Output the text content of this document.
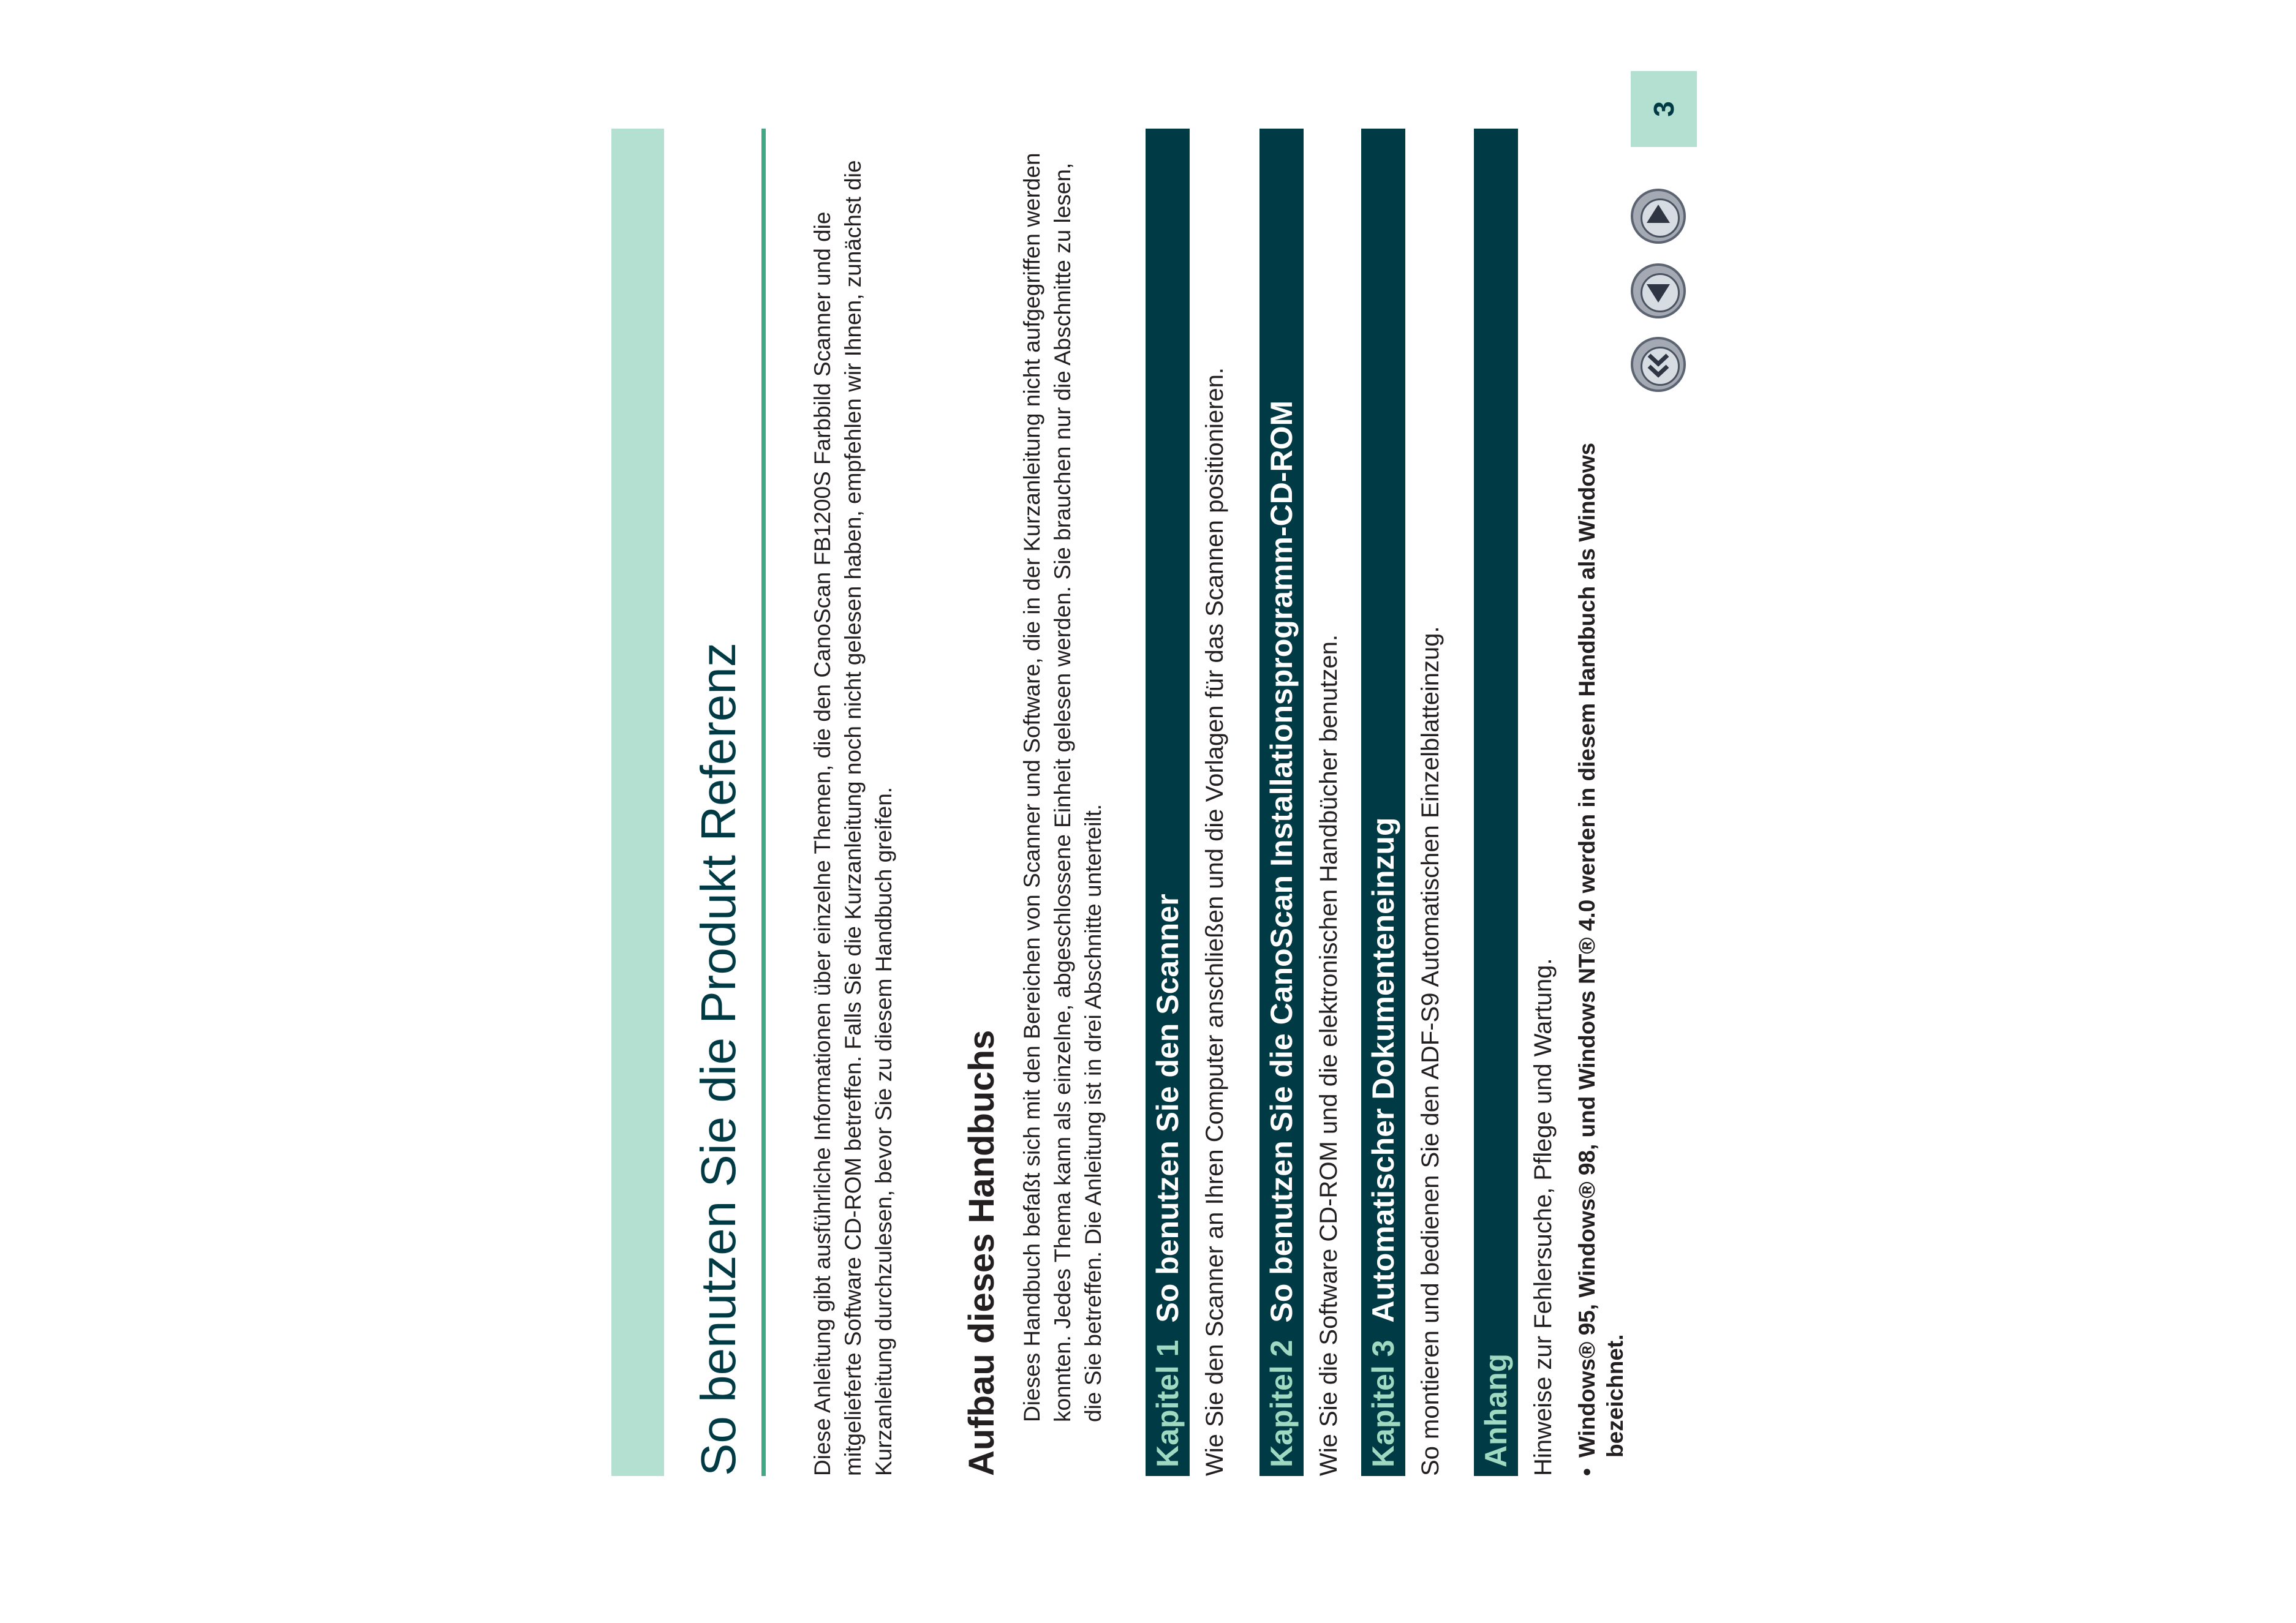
3
So benutzen Sie die Produkt Referenz	Diese Anleitung gibt ausführliche Informationen über einzelne Themen, die den CanoScan FB1200S Farbbild Scanner und die mitgelieferte Software CD-ROM betreffen. Falls Sie die Kurzanleitung noch nicht gelesen haben, empfehlen wir Ihnen, zunächst die Kurzanleitung durchzulesen, bevor Sie zu diesem Handbuch greifen. Aufbau dieses Handbuchs Dieses Handbuch befaßt sich mit den Bereichen von Scanner und Software, die in der Kurzanleitung nicht aufgegriffen werden konnten. Jedes Thema kann als einzelne, abgeschlossene Einheit gelesen werden. Sie brauchen nur die Abschnitte zu lesen, die Sie betreffen. Die Anleitung ist in drei Abschnitte unterteilt. Kapitel 1So benutzen Sie den Scanner Wie Sie den Scanner an Ihren Computer anschließen und die Vorlagen für das Scannen positionieren. Kapitel 2So benutzen Sie die CanoScan Installationsprogramm-CD-ROM Wie Sie die Software CD-ROM und die elektronischen Handbücher benutzen. Kapitel 3Automatischer Dokumenteneinzug So montieren und bedienen Sie den ADF-S9 Automatischen Einzelblatteinzug. Anhang Hinweise zur Fehlersuche, Pflege und Wartung. •Windows® 95, Windows® 98, und Windows NT® 4.0 werden in diesem Handbuch als Windows bezeichnet.
